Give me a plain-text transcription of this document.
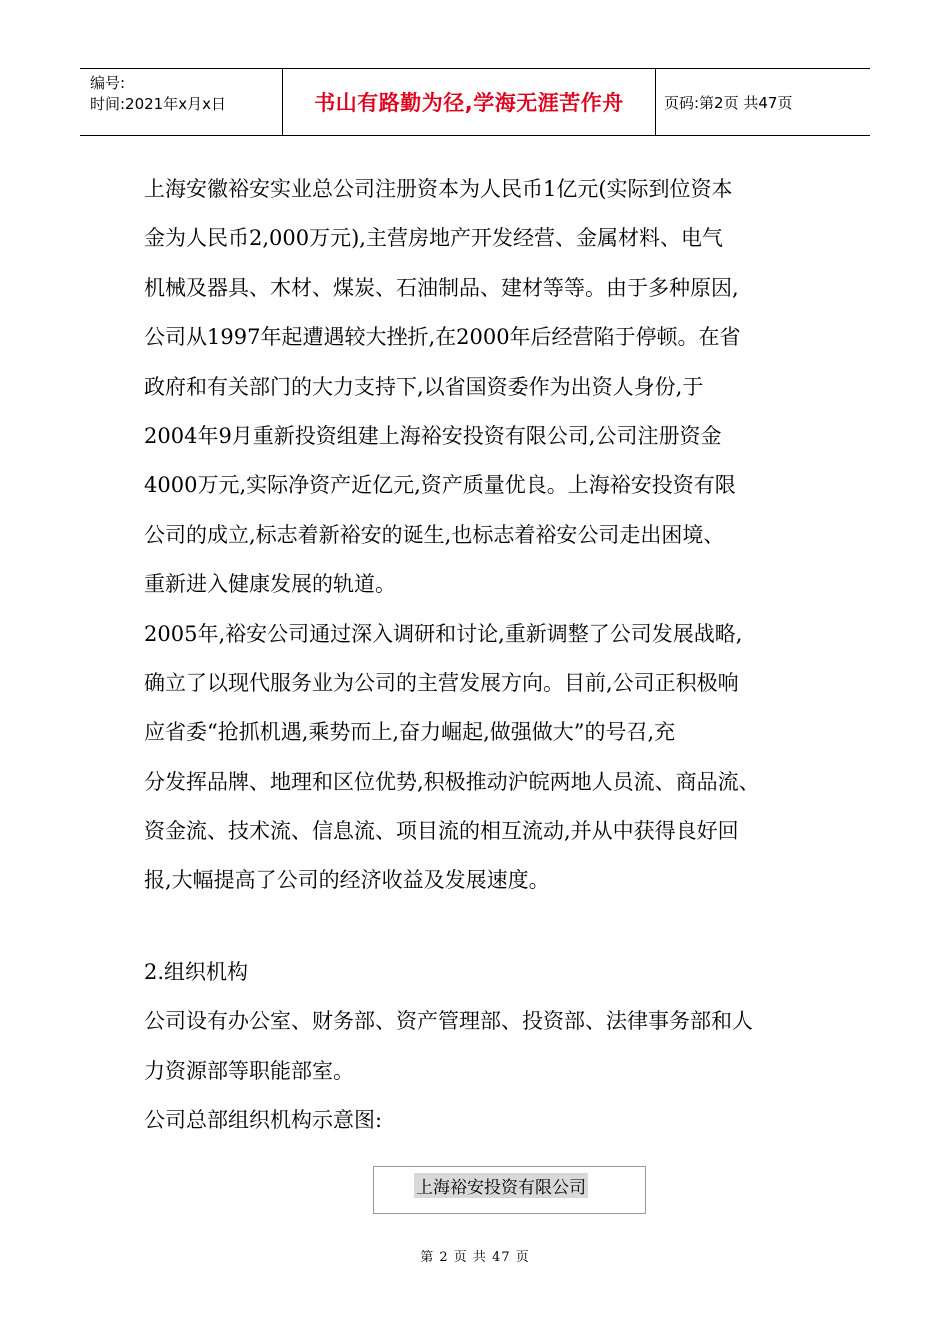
编号:
时间:2021年x月x日	书山有路勤为径,学海无涯苦作舟	页码:第2页 共47页
上海安徽裕安实业总公司注册资本为人民币1亿元(实际到位资本
金为人民币2,000万元),主营房地产开发经营、金属材料、电气
机械及器具、木材、煤炭、石油制品、建材等等。由于多种原因,
公司从1997年起遭遇较大挫折,在2000年后经营陷于停顿。在省
政府和有关部门的大力支持下,以省国资委作为出资人身份,于
2004年9月重新投资组建上海裕安投资有限公司,公司注册资金
4000万元,实际净资产近亿元,资产质量优良。上海裕安投资有限
公司的成立,标志着新裕安的诞生,也标志着裕安公司走出困境、
重新进入健康发展的轨道。
2005年,裕安公司通过深入调研和讨论,重新调整了公司发展战略,
确立了以现代服务业为公司的主营发展方向。目前,公司正积极响
应省委“抢抓机遇,乘势而上,奋力崛起,做强做大”的号召,充
分发挥品牌、地理和区位优势,积极推动沪皖两地人员流、商品流、
资金流、技术流、信息流、项目流的相互流动,并从中获得良好回
报,大幅提高了公司的经济收益及发展速度。
2.组织机构
公司设有办公室、财务部、资产管理部、投资部、法律事务部和人
力资源部等职能部室。
公司总部组织机构示意图:
上海裕安投资有限公司
第 2 页 共 47 页
